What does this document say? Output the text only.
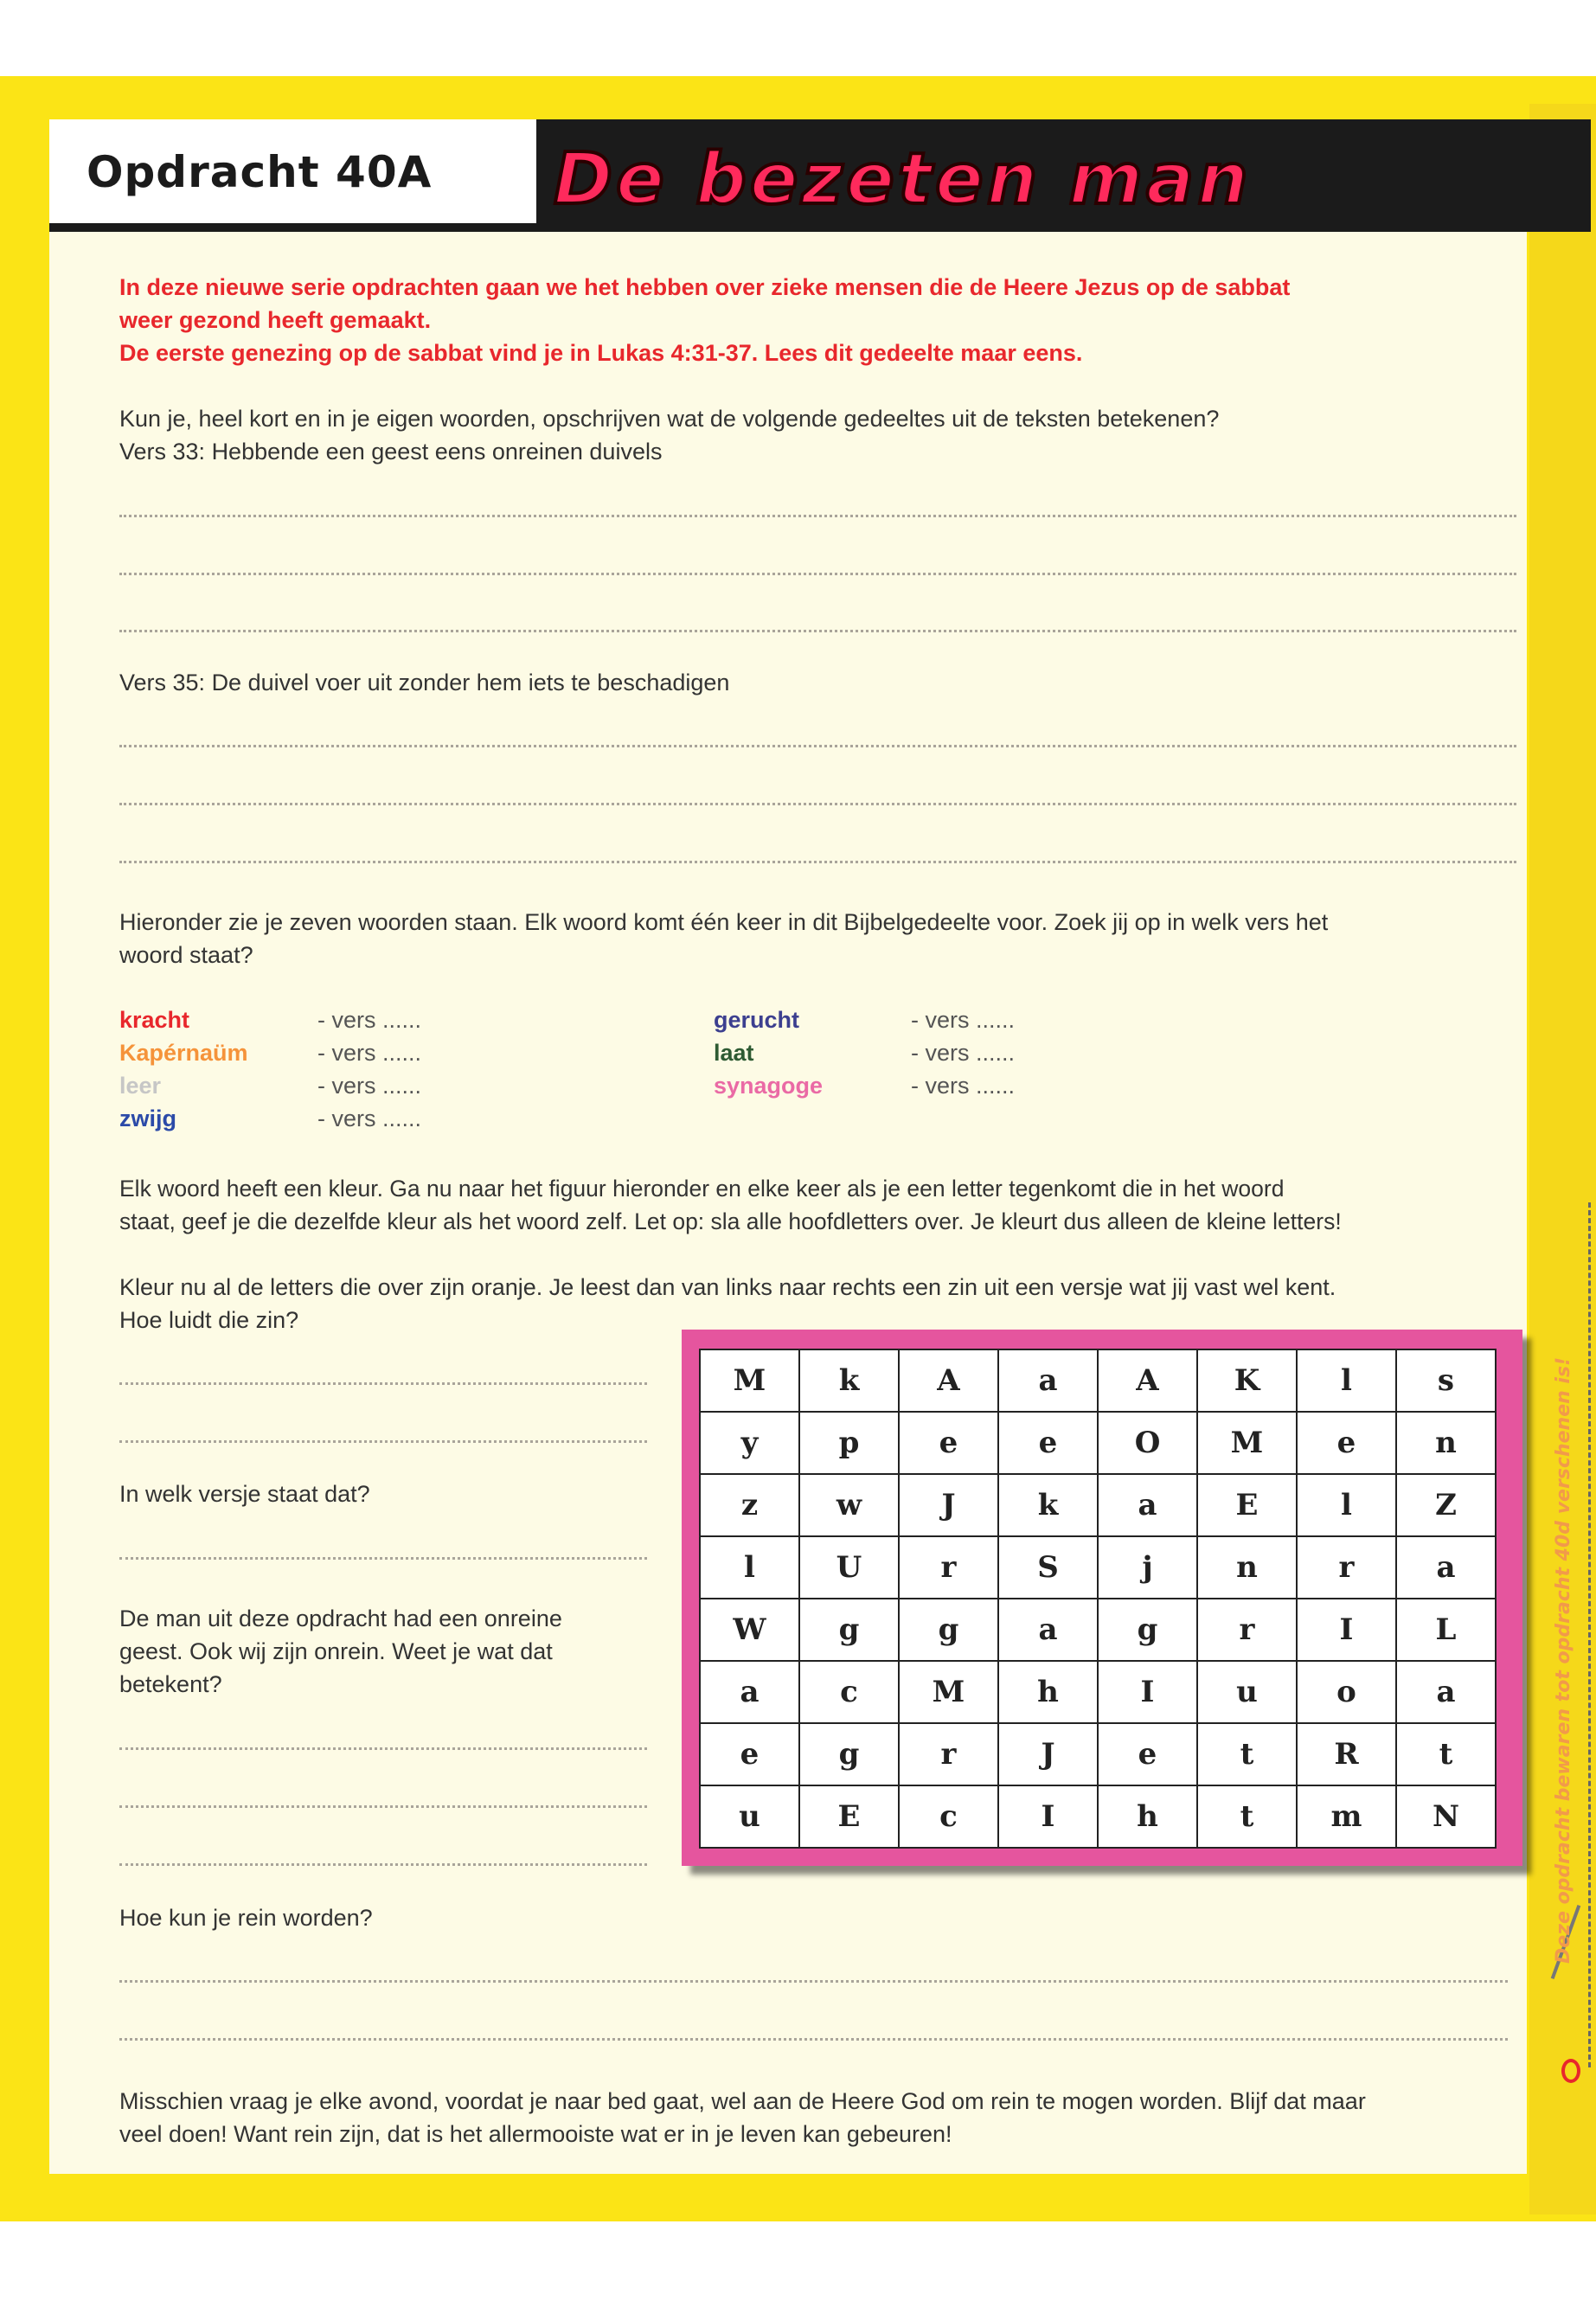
Opdracht 40A De bezeten man
In deze nieuwe serie opdrachten gaan we het hebben over zieke mensen die de Heere Jezus op de sabbat
weer gezond heeft gemaakt.
De eerste genezing op de sabbat vind je in Lukas 4:31-37. Lees dit gedeelte maar eens.
Kun je, heel kort en in je eigen woorden, opschrijven wat de volgende gedeeltes uit de teksten betekenen?
Vers 33: Hebbende een geest eens onreinen duivels
Vers 35: De duivel voer uit zonder hem iets te beschadigen
Hieronder zie je zeven woorden staan. Elk woord komt één keer in dit Bijbelgedeelte voor. Zoek jij op in welk vers het
woord staat?
kracht	- vers ......
Kapérnaüm	- vers ......
leer	- vers ......
zwijg	- vers ......
gerucht	- vers ......
laat	- vers ......
synagoge	- vers ......
Elk woord heeft een kleur. Ga nu naar het figuur hieronder en elke keer als je een letter tegenkomt die in het woord
staat, geef je die dezelfde kleur als het woord zelf. Let op: sla alle hoofdletters over. Je kleurt dus alleen de kleine letters!
Kleur nu al de letters die over zijn oranje. Je leest dan van links naar rechts een zin uit een versje wat jij vast wel kent.
Hoe luidt die zin?
In welk versje staat dat?
De man uit deze opdracht had een onreine
geest. Ook wij zijn onrein. Weet je wat dat
betekent?
M	k	A	a	A	K	l	s
y	p	e	e	O	M	e	n
z	w	J	k	a	E	l	Z
l	U	r	S	j	n	r	a
W	g	g	a	g	r	I	L
a	c	M	h	I	u	o	a
e	g	r	J	e	t	R	t
u	E	c	I	h	t	m	N
Hoe kun je rein worden?
Misschien vraag je elke avond, voordat je naar bed gaat, wel aan de Heere God om rein te mogen worden. Blijf dat maar
veel doen! Want rein zijn, dat is het allermooiste wat er in je leven kan gebeuren!
Deze opdracht bewaren tot opdracht 40d verschenen is!
